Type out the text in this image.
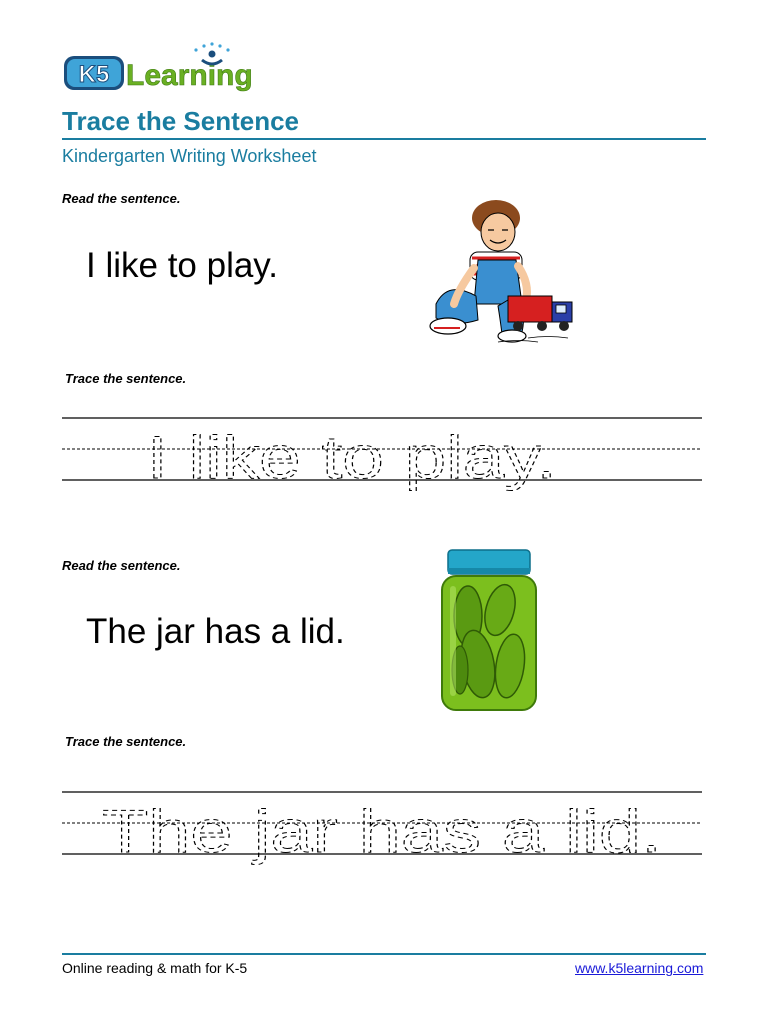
K5 Learning
Trace the Sentence
Kindergarten Writing Worksheet
Read the sentence.
I like to play.
Trace the sentence.
I like to play.
Read the sentence.
The jar has a lid.
Trace the sentence.
The jar has a lid.
Online reading & math for K-5	www.k5learning.com
